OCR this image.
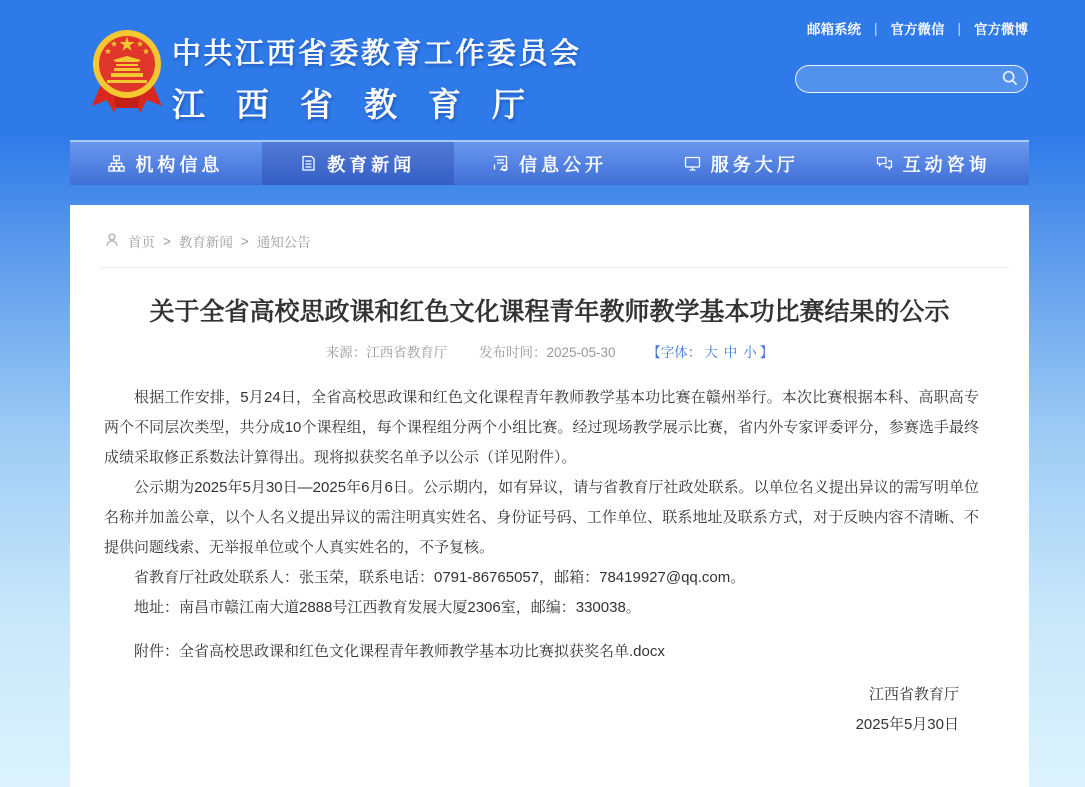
中共江西省委教育工作委员会
江西省教育厅
邮箱系统 | 官方微信 | 官方微博
机构信息	教育新闻	信息公开	服务大厅	互动咨询
首页 > 教育新闻 > 通知公告
关于全省高校思政课和红色文化课程青年教师教学基本功比赛结果的公示
来源：江西省教育厅 发布时间：2025-05-30 【字体： 大 中 小 】

根据工作安排，5月24日，全省高校思政课和红色文化课程青年教师教学基本功比赛在赣州举行。本次比赛根据本科、高职高专两个不同层次类型，共分成10个课程组，每个课程组分两个小组比赛。经过现场教学展示比赛，省内外专家评委评分，参赛选手最终成绩采取修正系数法计算得出。现将拟获奖名单予以公示（详见附件）。

公示期为2025年5月30日—2025年6月6日。公示期内，如有异议，请与省教育厅社政处联系。以单位名义提出异议的需写明单位名称并加盖公章，以个人名义提出异议的需注明真实姓名、身份证号码、工作单位、联系地址及联系方式，对于反映内容不清晰、不提供问题线索、无举报单位或个人真实姓名的，不予复核。

省教育厅社政处联系人：张玉荣，联系电话：0791-86765057，邮箱：78419927@qq.com。

地址：南昌市赣江南大道2888号江西教育发展大厦2306室，邮编：330038。

附件：全省高校思政课和红色文化课程青年教师教学基本功比赛拟获奖名单.docx
江西省教育厅
2025年5月30日
